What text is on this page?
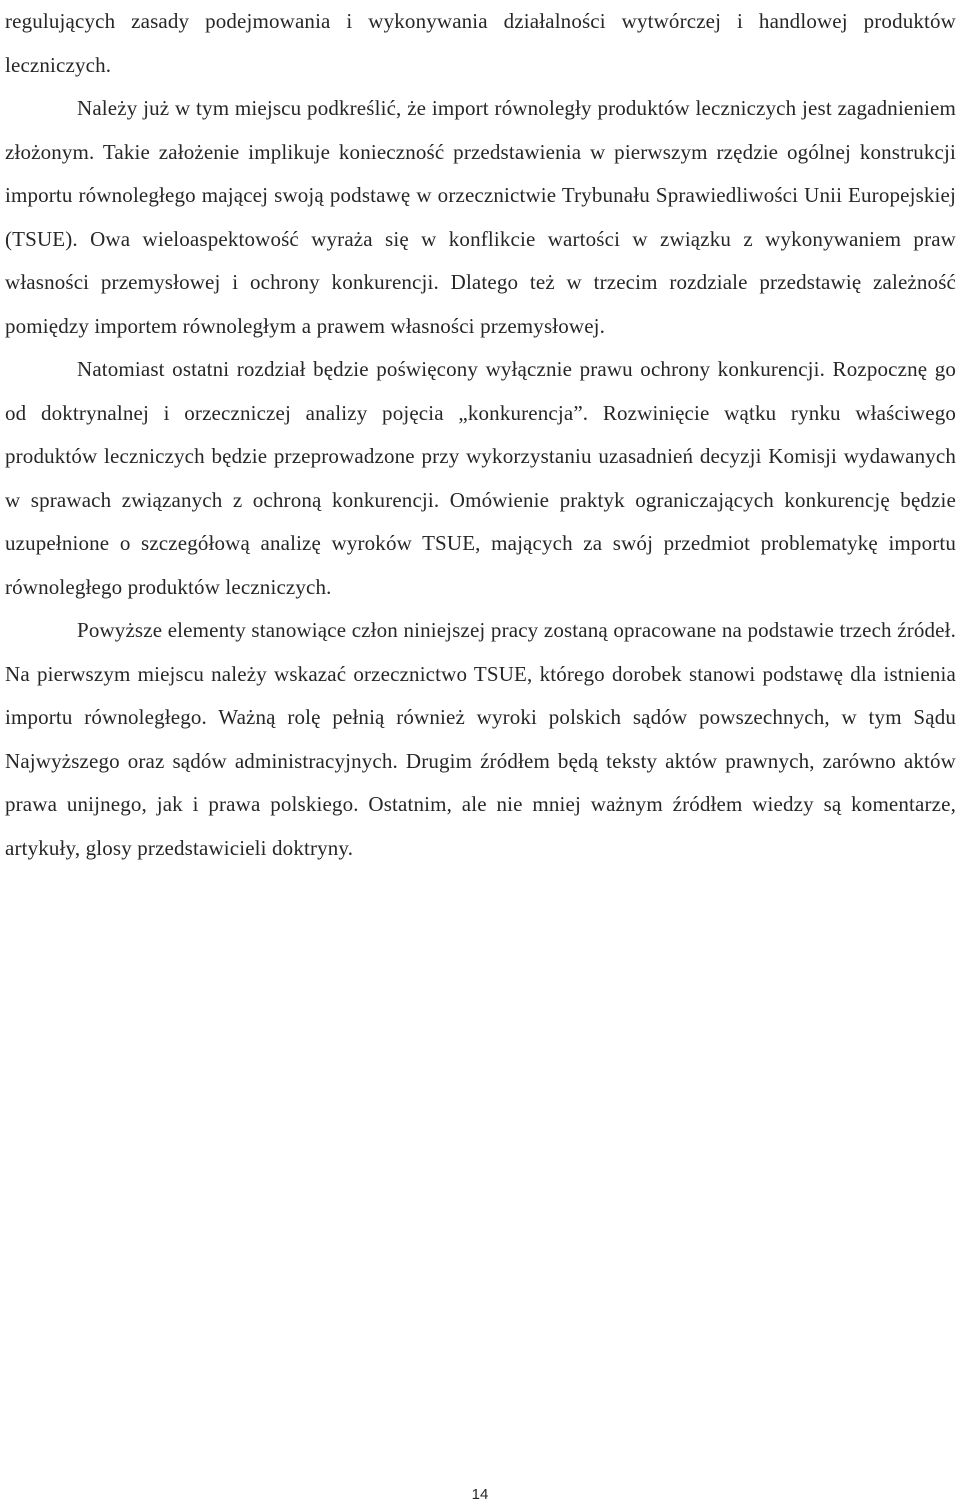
regulujących zasady podejmowania i wykonywania działalności wytwórczej i handlowej produktów leczniczych.

Należy już w tym miejscu podkreślić, że import równoległy produktów leczniczych jest zagadnieniem złożonym. Takie założenie implikuje konieczność przedstawienia w pierwszym rzędzie ogólnej konstrukcji importu równoległego mającej swoją podstawę w orzecznictwie Trybunału Sprawiedliwości Unii Europejskiej (TSUE). Owa wieloaspektowość wyraża się w konflikcie wartości w związku z wykonywaniem praw własności przemysłowej i ochrony konkurencji. Dlatego też w trzecim rozdziale przedstawię zależność pomiędzy importem równoległym a prawem własności przemysłowej.

Natomiast ostatni rozdział będzie poświęcony wyłącznie prawu ochrony konkurencji. Rozpocznę go od doktrynalnej i orzeczniczej analizy pojęcia „konkurencja”. Rozwinięcie wątku rynku właściwego produktów leczniczych będzie przeprowadzone przy wykorzystaniu uzasadnień decyzji Komisji wydawanych w sprawach związanych z ochroną konkurencji. Omówienie praktyk ograniczających konkurencję będzie uzupełnione o szczegółową analizę wyroków TSUE, mających za swój przedmiot problematykę importu równoległego produktów leczniczych.

Powyższe elementy stanowiące człon niniejszej pracy zostaną opracowane na podstawie trzech źródeł. Na pierwszym miejscu należy wskazać orzecznictwo TSUE, którego dorobek stanowi podstawę dla istnienia importu równoległego. Ważną rolę pełnią również wyroki polskich sądów powszechnych, w tym Sądu Najwyższego oraz sądów administracyjnych. Drugim źródłem będą teksty aktów prawnych, zarówno aktów prawa unijnego, jak i prawa polskiego. Ostatnim, ale nie mniej ważnym źródłem wiedzy są komentarze, artykuły, glosy przedstawicieli doktryny.

14
